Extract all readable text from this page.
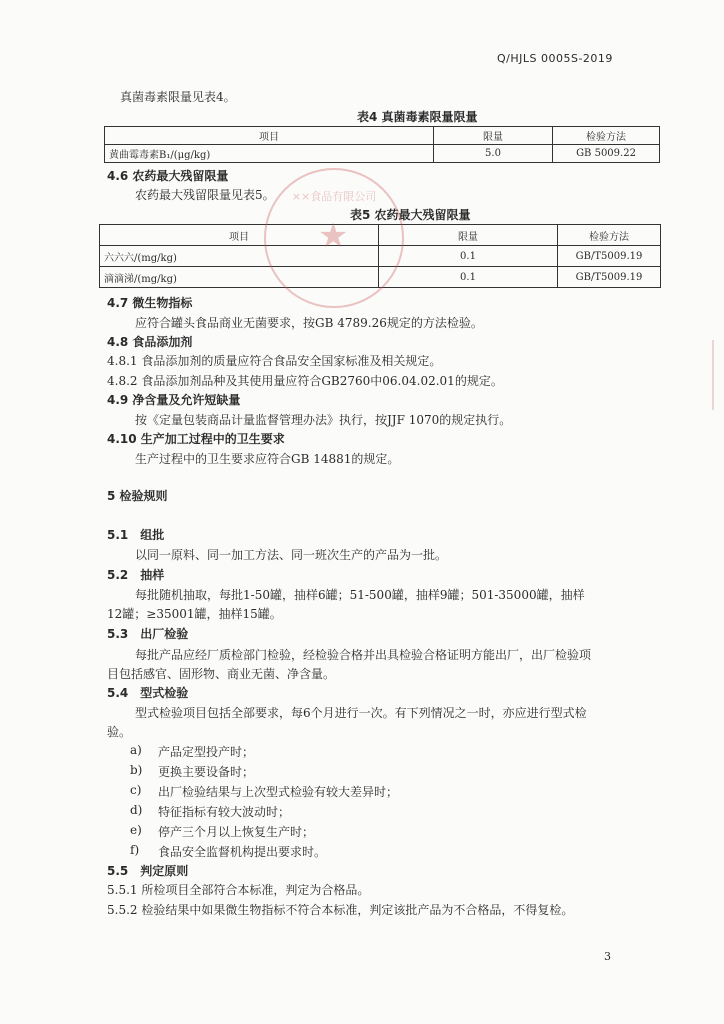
Q/HJLS 0005S-2019
真菌毒素限量见表4。
表4 真菌毒素限量限量
项目	限量	检验方法
黄曲霉毒素B₁/(μg/kg)	5.0	GB 5009.22
4.6 农药最大残留限量
农药最大残留限量见表5。
表5 农药最大残留限量
项目	限量	检验方法
六六六/(mg/kg)	0.1	GB/T5009.19
滴滴涕/(mg/kg)	0.1	GB/T5009.19
××食品有限公司
★
4.7 微生物指标
应符合罐头食品商业无菌要求，按GB 4789.26规定的方法检验。
4.8 食品添加剂
4.8.1 食品添加剂的质量应符合食品安全国家标准及相关规定。
4.8.2 食品添加剂品种及其使用量应符合GB2760中06.04.02.01的规定。
4.9 净含量及允许短缺量
按《定量包装商品计量监督管理办法》执行，按JJF 1070的规定执行。
4.10 生产加工过程中的卫生要求
生产过程中的卫生要求应符合GB 14881的规定。
5 检验规则
5.1　组批
以同一原料、同一加工方法、同一班次生产的产品为一批。
5.2　抽样
每批随机抽取，每批1-50罐，抽样6罐；51-500罐，抽样9罐；501-35000罐，抽样
12罐；≥35001罐，抽样15罐。
5.3　出厂检验
每批产品应经厂质检部门检验，经检验合格并出具检验合格证明方能出厂，出厂检验项
目包括感官、固形物、商业无菌、净含量。
5.4　型式检验
型式检验项目包括全部要求，每6个月进行一次。有下列情况之一时，亦应进行型式检
验。
a) 产品定型投产时；
b) 更换主要设备时；
c) 出厂检验结果与上次型式检验有较大差异时；
d) 特征指标有较大波动时；
e) 停产三个月以上恢复生产时；
f) 食品安全监督机构提出要求时。
5.5　判定原则
5.5.1 所检项目全部符合本标准，判定为合格品。
5.5.2 检验结果中如果微生物指标不符合本标准，判定该批产品为不合格品，不得复检。
3
